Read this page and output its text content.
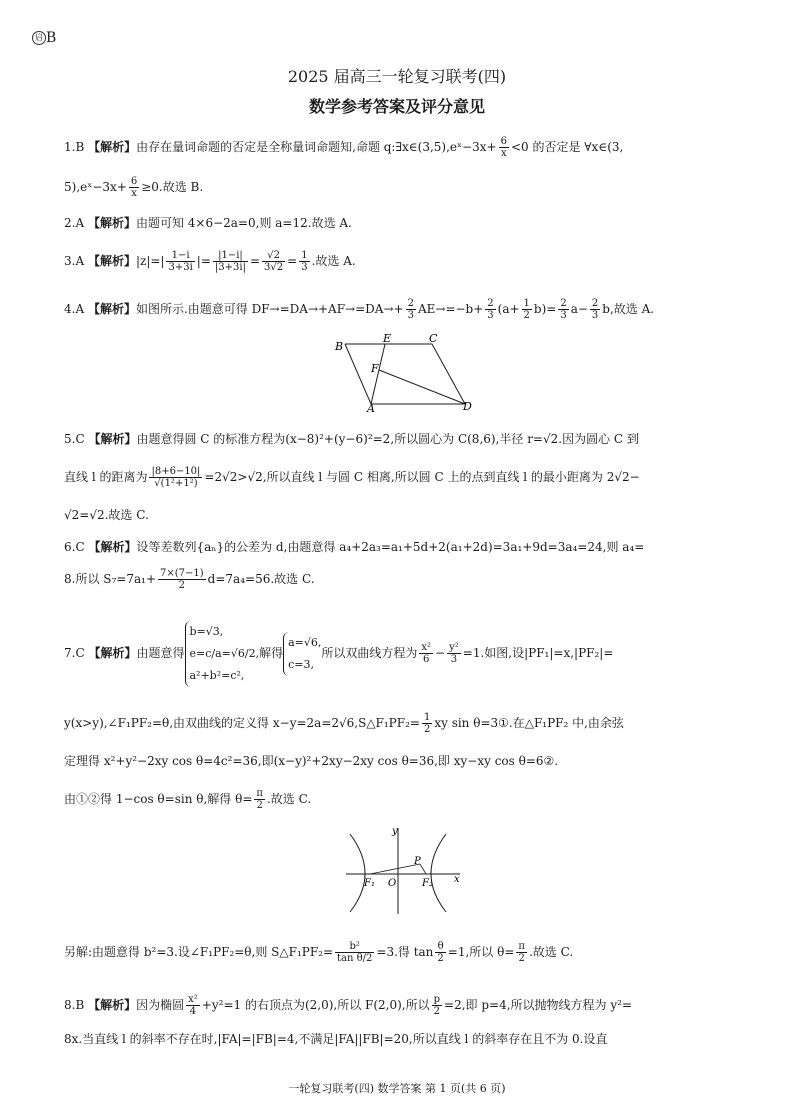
启 B
2025 届高三一轮复习联考(四)
数学参考答案及评分意见
1.B 【解析】由存在量词命题的否定是全称量词命题知,命题 q:∃x∈(3,5),eˣ−3x+ $\frac{6}{x} <0$ 的否定是 ∀x∈(3,
5),eˣ−3x+ $\frac{6}{x} \ge 0$.故选 B.
2.A 【解析】由题可知 4×6−2a=0,则 a=12.故选 A.
3.A 【解析】$|z|=| \frac{1-i}{3+3i}$ |= $\frac{|1-i|}{|3+3i|} = \frac{√2}{3√2} = \frac{1}{3}$ .故选 A.
4.A 【解析】如图所示.由题意可得 $DF\to=DA\to+AF\to=DA\to+ \frac{2}{3} AE\to=-b+ \frac{2}{3} (a+ \frac{1}{2} b)= \frac{2}{3} a- \frac{2}{3} b$,故选 A.
B
E	C
F
A	D
5.C 【解析】由题意得圆 C 的标准方程为(x−8)²+(y−6)²=2,所以圆心为 C(8,6),半径 r=√2.因为圆心 C 到
直线 l 的距离为 $\frac{|8+6-10|}{\text{√(1²+1²)}} =2√2>√2$,所以直线 l 与圆 C 相离,所以圆 C 上的点到直线 l 的最小距离为 2√2−
√2=√2.故选 C.
6.C 【解析】设等差数列{aₙ}的公差为 d,由题意得 a₄+2a₃=a₁+5d+2(a₁+2d)=3a₁+9d=3a₄=24,则 a₄=
8.所以 $S_7=7a_1+ \frac{7\times(7-1)}{2} d=7a_4=56$.故选 C.
7.C 【解析】由题意得
b=√3,
e=c/a=√6/2,
a²+b²=c²,
解得
a=√6,
c=3,
所以双曲线方程为 $\frac{\text{x²}}{6} - \frac{\text{y²}}{3} =1$.如图,设|PF₁|=x,|PF₂|=
y(x>y),∠F₁PF₂=θ,由双曲线的定义得 x−y=2a=2√6,S△F₁PF₂= $\frac{1}{2}$ xy sin θ=3①.在△F₁PF₂ 中,由余弦
定理得 x²+y²−2xy cos θ=4c²=36,即(x−y)²+2xy−2xy cos θ=36,即 xy−xy cos θ=6②.
由①②得 1−cos θ=sin θ,解得 $\theta= \frac{\pi}{2}$ .故选 C.
y
x
O
P
F₁	F₂
另解:由题意得 b²=3.设∠F₁PF₂=θ,则 S△F₁PF₂= $\frac{\text{b²}}{\text{tan θ/2}} =3$.得 $\tan \frac{\theta}{2} =1$,所以 $\theta= \frac{\pi}{2}$ .故选 C.
8.B 【解析】因为椭圆 $\frac{\text{x²}}{4} +y^2=1$ 的右顶点为(2,0),所以 F(2,0),所以 $\frac{p}{2} =2$,即 p=4,所以抛物线方程为 y²=
8x.当直线 l 的斜率不存在时,|FA|=|FB|=4,不满足|FA||FB|=20,所以直线 l 的斜率存在且不为 0.设直
一轮复习联考(四) 数学答案 第 1 页(共 6 页)
